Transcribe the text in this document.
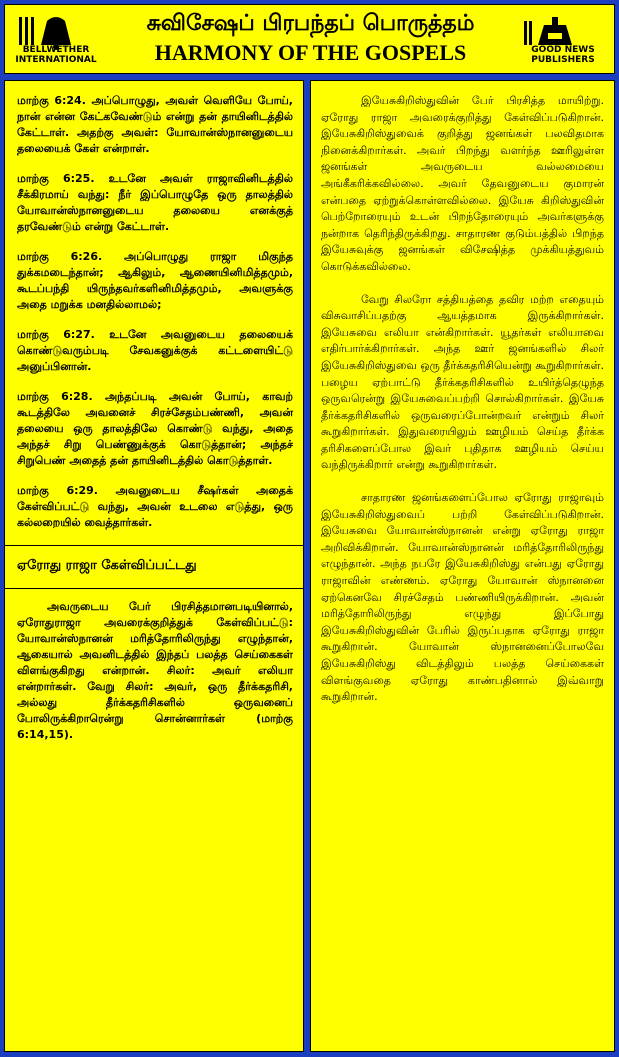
BELLWETHER INTERNATIONAL
சுவிசேஷப் பிரபந்தப் பொருத்தம்
HARMONY OF THE GOSPELS	GOOD NEWS PUBLISHERS

மாற்கு 6:24. அப்பொழுது, அவள் வெளியே போய், நான் என்ன கேட்கவேண்டும் என்று தன் தாயினிடத்தில் கேட்டாள். அதற்கு அவள்: யோவான்ஸ்நானனுடைய தலையைக் கேள் என்றாள்.

மாற்கு 6:25. உடனே அவள் ராஜாவினிடத்தில் சீக்கிரமாய் வந்து: நீர் இப்பொழுதே ஒரு தாலத்தில் யோவான்ஸ்நானனுடைய தலையை எனக்குத் தரவேண்டும் என்று கேட்டாள்.

மாற்கு 6:26. அப்பொழுது ராஜா மிகுந்த துக்கமடைந்தான்; ஆகிலும், ஆணையினிமித்தமும், கூடப்பந்தி யிருந்தவர்களினிமித்தமும், அவளுக்கு அதை மறுக்க மனதில்லாமல்;

மாற்கு 6:27. உடனே அவனுடைய தலையைக் கொண்டுவரும்படி சேவகனுக்குக் கட்டளையிட்டு அனுப்பினான்.

மாற்கு 6:28. அந்தப்படி அவன் போய், காவற் கூடத்திலே அவனைச் சிரச்சேதம்பண்ணி, அவன் தலையை ஒரு தாலத்திலே கொண்டு வந்து, அதை அந்தச் சிறு பெண்ணுக்குக் கொடுத்தான்; அந்தச் சிறுபெண் அதைத் தன் தாயினிடத்தில் கொடுத்தாள்.

மாற்கு 6:29. அவனுடைய சீஷர்கள் அதைக் கேள்விப்பட்டு வந்து, அவன் உடலை எடுத்து, ஒரு கல்லறையில் வைத்தார்கள்.

ஏரோது ராஜா கேள்விப்பட்டது

அவருடைய பேர் பிரசித்தமானபடியினால், ஏரோதுராஜா அவரைக்குறித்துக் கேள்விப்பட்டு: யோவான்ஸ்நானன் மரித்தோரிலிருந்து எழுந்தான், ஆகையால் அவனிடத்தில் இந்தப் பலத்த செய்கைகள் விளங்குகிறது என்றான். சிலர்: அவர் எலியா என்றார்கள். வேறு சிலர்: அவர், ஒரு தீர்க்கதரிசி, அல்லது தீர்க்கதரிசிகளில் ஒருவனைப் போலிருக்கிறாரென்று சொன்னார்கள் (மாற்கு 6:14,15).

இயேசுகிறிஸ்துவின் பேர் பிரசித்த மாயிற்று. ஏரோது ராஜா அவரைக்குறித்து கேள்விப்படுகிறான். இயேசுகிறிஸ்துவைக் குறித்து ஜனங்கள் பலவிதமாக நினைக்கிறார்கள். அவர் பிறந்து வளர்ந்த ஊரிலுள்ள ஜனங்கள் அவருடைய வல்லமையை அங்கீகரிக்கவில்லை. அவர் தேவனுடைய குமாரன் என்பதை ஏற்றுக்கொள்ளவில்லை. இயேசு கிறிஸ்துவின் பெற்றோரையும் உடன் பிறந்தோரையும் அவர்களுக்கு நன்றாக தெரிந்திருக்கிறது. சாதாரண குடும்பத்தில் பிறந்த இயேசுவுக்கு ஜனங்கள் விசேஷித்த முக்கியத்துவம் கொடுக்கவில்லை.

வேறு சிலரோ சத்தியத்தை தவிர மற்ற எதையும் விசுவாசிப்பதற்கு ஆயத்தமாக இருக்கிறார்கள். இயேசுவை எலியா என்கிறார்கள். யூதர்கள் எலியாவை எதிர்பார்க்கிறார்கள். அந்த ஊர் ஜனங்களில் சிலர் இயேசுகிறிஸ்துவை ஒரு தீர்க்கதரிசியென்று கூறுகிறார்கள். பழைய ஏற்பாட்டு தீர்க்கதரிசிகளில் உயிர்த்தெழுந்த ஒருவரென்று இயேசுவைப்பற்றி சொல்கிறார்கள். இயேசு தீர்க்கதரிசிகளில் ஒருவரைப்போன்றவர் என்றும் சிலர் கூறுகிறார்கள். இதுவரையிலும் ஊழியம் செய்த தீர்க்க தரிசிகளைப்போல இவர் புதிதாக ஊழியம் செய்ய வந்திருக்கிறார் என்று கூறுகிறார்கள்.

சாதாரண ஜனங்களைப்போல ஏரோது ராஜாவும் இயேசுகிறிஸ்துவைப் பற்றி கேள்விப்படுகிறான். இயேசுவை யோவான்ஸ்நானன் என்று ஏரோது ராஜா அறிவிக்கிறான். யோவான்ஸ்நானன் மரித்தோரிலிருந்து எழுந்தான். அந்த நபரே இயேசுகிறிஸ்து என்பது ஏரோது ராஜாவின் எண்ணம். ஏரோது யோவான் ஸ்நானனை ஏற்கெனவே சிரச்சேதம் பண்ணியிருக்கிறான். அவன் மரித்தோரிலிருந்து எழுந்து இப்போது இயேசுகிறிஸ்துவின் பேரில் இருப்பதாக ஏரோது ராஜா கூறுகிறான். யோவான் ஸ்நானனைப்போலவே இயேசுகிறிஸ்து விடத்திலும் பலத்த செய்கைகள் விளங்குவதை ஏரோது காண்பதினால் இவ்வாறு கூறுகிறான்.
